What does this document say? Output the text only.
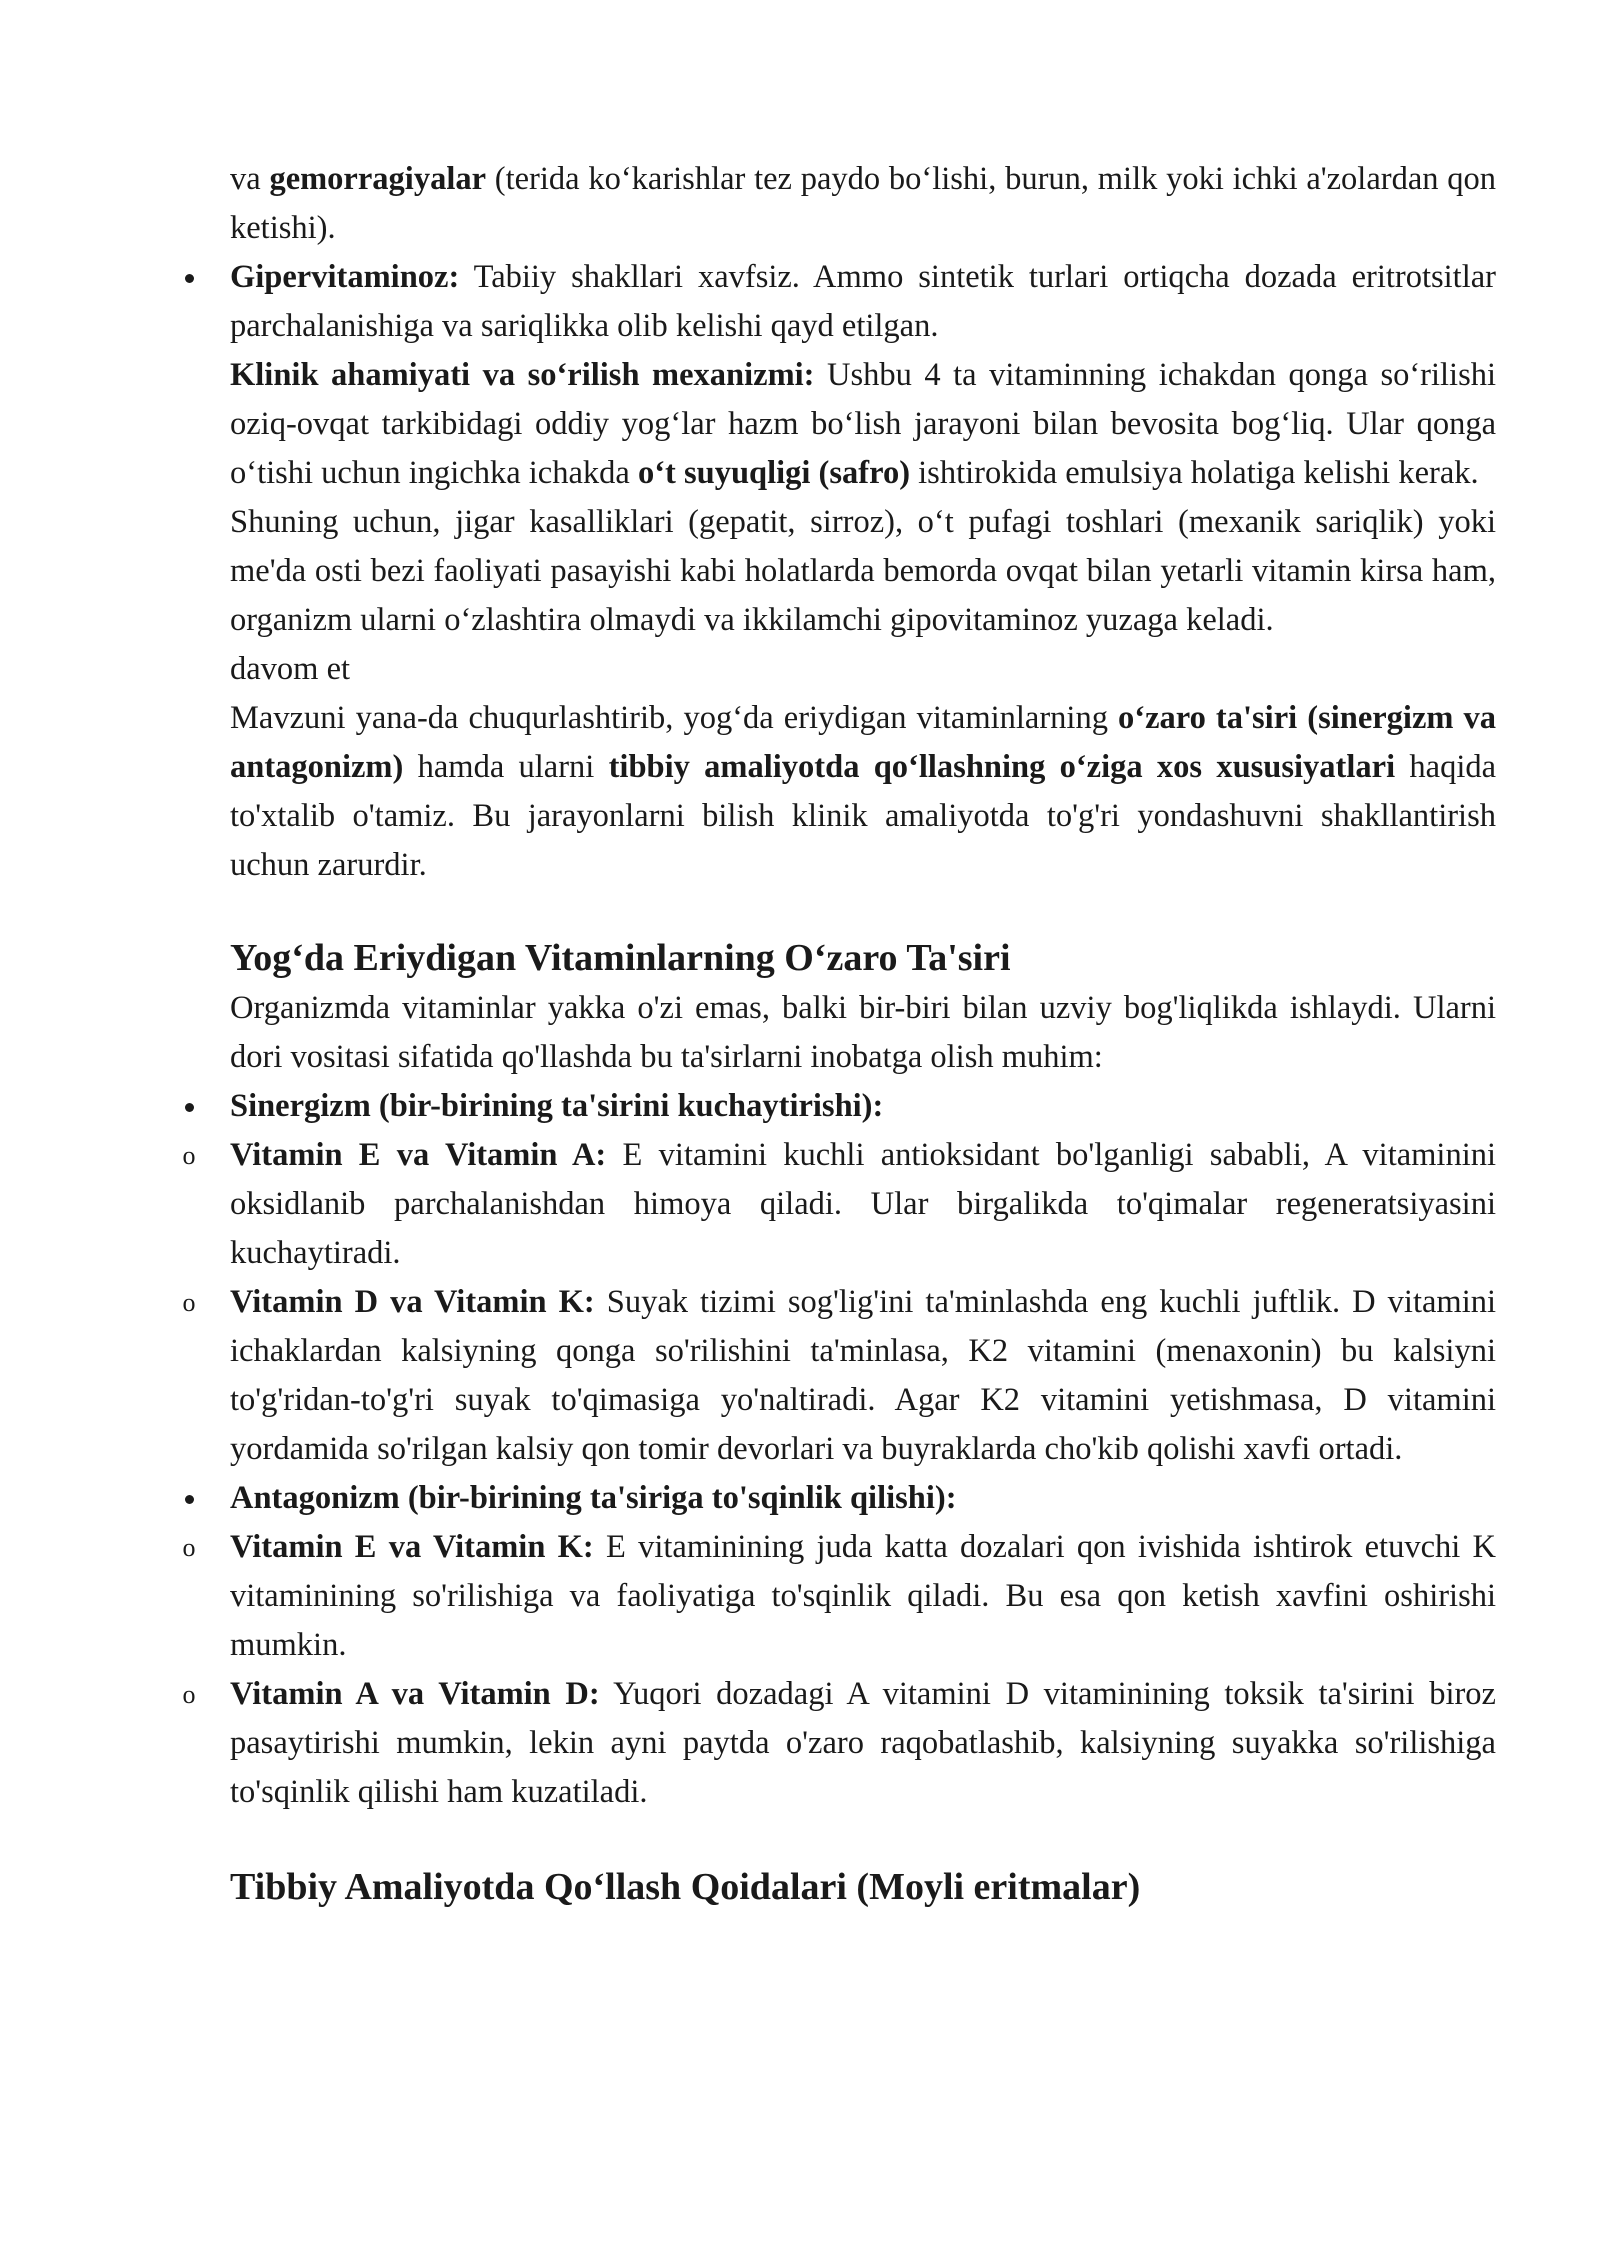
va gemorragiyalar (terida ko‘karishlar tez paydo bo‘lishi, burun, milk yoki ichki a'zolardan qon ketishi).

Gipervitaminoz: Tabiiy shakllari xavfsiz. Ammo sintetik turlari ortiqcha dozada eritrotsitlar parchalanishiga va sariqlikka olib kelishi qayd etilgan.

Klinik ahamiyati va so‘rilish mexanizmi: Ushbu 4 ta vitaminning ichakdan qonga so‘rilishi oziq-ovqat tarkibidagi oddiy yog‘lar hazm bo‘lish jarayoni bilan bevosita bog‘liq. Ular qonga o‘tishi uchun ingichka ichakda o‘t suyuqligi (safro) ishtirokida emulsiya holatiga kelishi kerak.

Shuning uchun, jigar kasalliklari (gepatit, sirroz), o‘t pufagi toshlari (mexanik sariqlik) yoki me'da osti bezi faoliyati pasayishi kabi holatlarda bemorda ovqat bilan yetarli vitamin kirsa ham, organizm ularni o‘zlashtira olmaydi va ikkilamchi gipovitaminoz yuzaga keladi.

davom et

Mavzuni yana-da chuqurlashtirib, yog‘da eriydigan vitaminlarning o‘zaro ta'siri (sinergizm va antagonizm) hamda ularni tibbiy amaliyotda qo‘llashning o‘ziga xos xususiyatlari haqida to'xtalib o'tamiz. Bu jarayonlarni bilish klinik amaliyotda to'g'ri yondashuvni shakllantirish uchun zarurdir.

Yog‘da Eriydigan Vitaminlarning O‘zaro Ta'siri

Organizmda vitaminlar yakka o'zi emas, balki bir-biri bilan uzviy bog'liqlikda ishlaydi. Ularni dori vositasi sifatida qo'llashda bu ta'sirlarni inobatga olish muhim:

Sinergizm (bir-birining ta'sirini kuchaytirishi):

o Vitamin E va Vitamin A: E vitamini kuchli antioksidant bo'lganligi sababli, A vitaminini oksidlanib parchalanishdan himoya qiladi. Ular birgalikda to'qimalar regeneratsiyasini kuchaytiradi.

o Vitamin D va Vitamin K: Suyak tizimi sog'lig'ini ta'minlashda eng kuchli juftlik. D vitamini ichaklardan kalsiyning qonga so'rilishini ta'minlasa, K2 vitamini (menaxonin) bu kalsiyni to'g'ridan-to'g'ri suyak to'qimasiga yo'naltiradi. Agar K2 vitamini yetishmasa, D vitamini yordamida so'rilgan kalsiy qon tomir devorlari va buyraklarda cho'kib qolishi xavfi ortadi.

Antagonizm (bir-birining ta'siriga to'sqinlik qilishi):

o Vitamin E va Vitamin K: E vitaminining juda katta dozalari qon ivishida ishtirok etuvchi K vitaminining so'rilishiga va faoliyatiga to'sqinlik qiladi. Bu esa qon ketish xavfini oshirishi mumkin.

o Vitamin A va Vitamin D: Yuqori dozadagi A vitamini D vitaminining toksik ta'sirini biroz pasaytirishi mumkin, lekin ayni paytda o'zaro raqobatlashib, kalsiyning suyakka so'rilishiga to'sqinlik qilishi ham kuzatiladi.

Tibbiy Amaliyotda Qo‘llash Qoidalari (Moyli eritmalar)
